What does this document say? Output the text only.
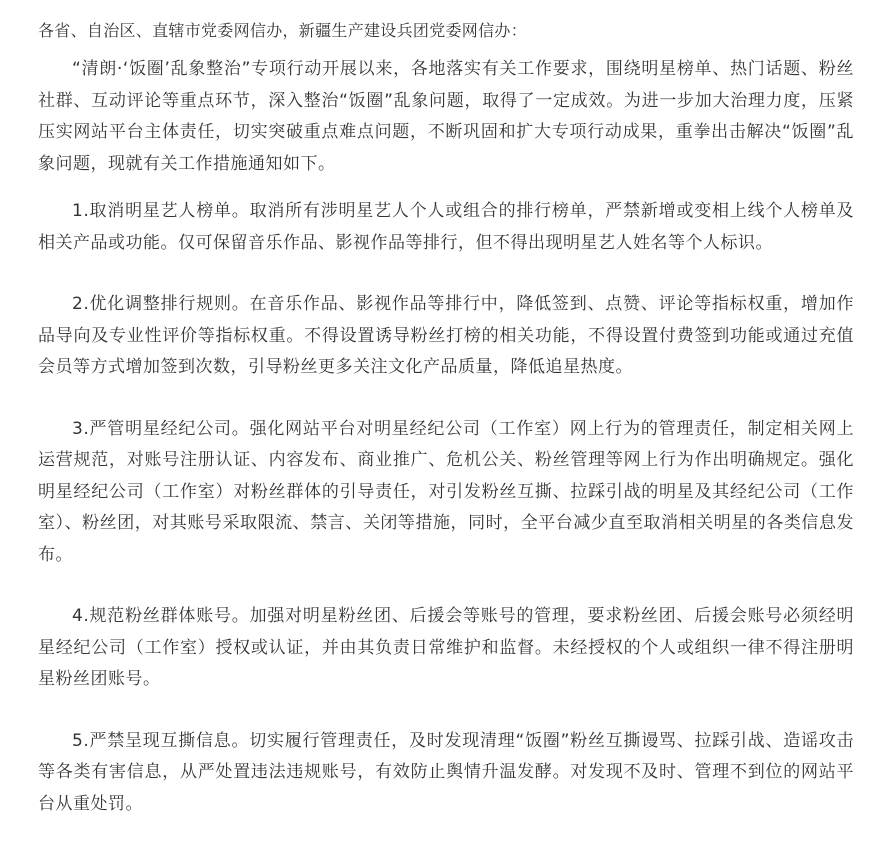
各省、自治区、直辖市党委网信办，新疆生产建设兵团党委网信办：

“清朗·‘饭圈’乱象整治”专项行动开展以来，各地落实有关工作要求，围绕明星榜单、热门话题、粉丝社群、互动评论等重点环节，深入整治“饭圈”乱象问题，取得了一定成效。为进一步加大治理力度，压紧压实网站平台主体责任，切实突破重点难点问题，不断巩固和扩大专项行动成果，重拳出击解决“饭圈”乱象问题，现就有关工作措施通知如下。

1.取消明星艺人榜单。取消所有涉明星艺人个人或组合的排行榜单，严禁新增或变相上线个人榜单及相关产品或功能。仅可保留音乐作品、影视作品等排行，但不得出现明星艺人姓名等个人标识。

2.优化调整排行规则。在音乐作品、影视作品等排行中，降低签到、点赞、评论等指标权重，增加作品导向及专业性评价等指标权重。不得设置诱导粉丝打榜的相关功能，不得设置付费签到功能或通过充值会员等方式增加签到次数，引导粉丝更多关注文化产品质量，降低追星热度。

3.严管明星经纪公司。强化网站平台对明星经纪公司（工作室）网上行为的管理责任，制定相关网上运营规范，对账号注册认证、内容发布、商业推广、危机公关、粉丝管理等网上行为作出明确规定。强化明星经纪公司（工作室）对粉丝群体的引导责任，对引发粉丝互撕、拉踩引战的明星及其经纪公司（工作室）、粉丝团，对其账号采取限流、禁言、关闭等措施，同时，全平台减少直至取消相关明星的各类信息发布。

4.规范粉丝群体账号。加强对明星粉丝团、后援会等账号的管理，要求粉丝团、后援会账号必须经明星经纪公司（工作室）授权或认证，并由其负责日常维护和监督。未经授权的个人或组织一律不得注册明星粉丝团账号。

5.严禁呈现互撕信息。切实履行管理责任，及时发现清理“饭圈”粉丝互撕谩骂、拉踩引战、造谣攻击等各类有害信息，从严处置违法违规账号，有效防止舆情升温发酵。对发现不及时、管理不到位的网站平台从重处罚。
